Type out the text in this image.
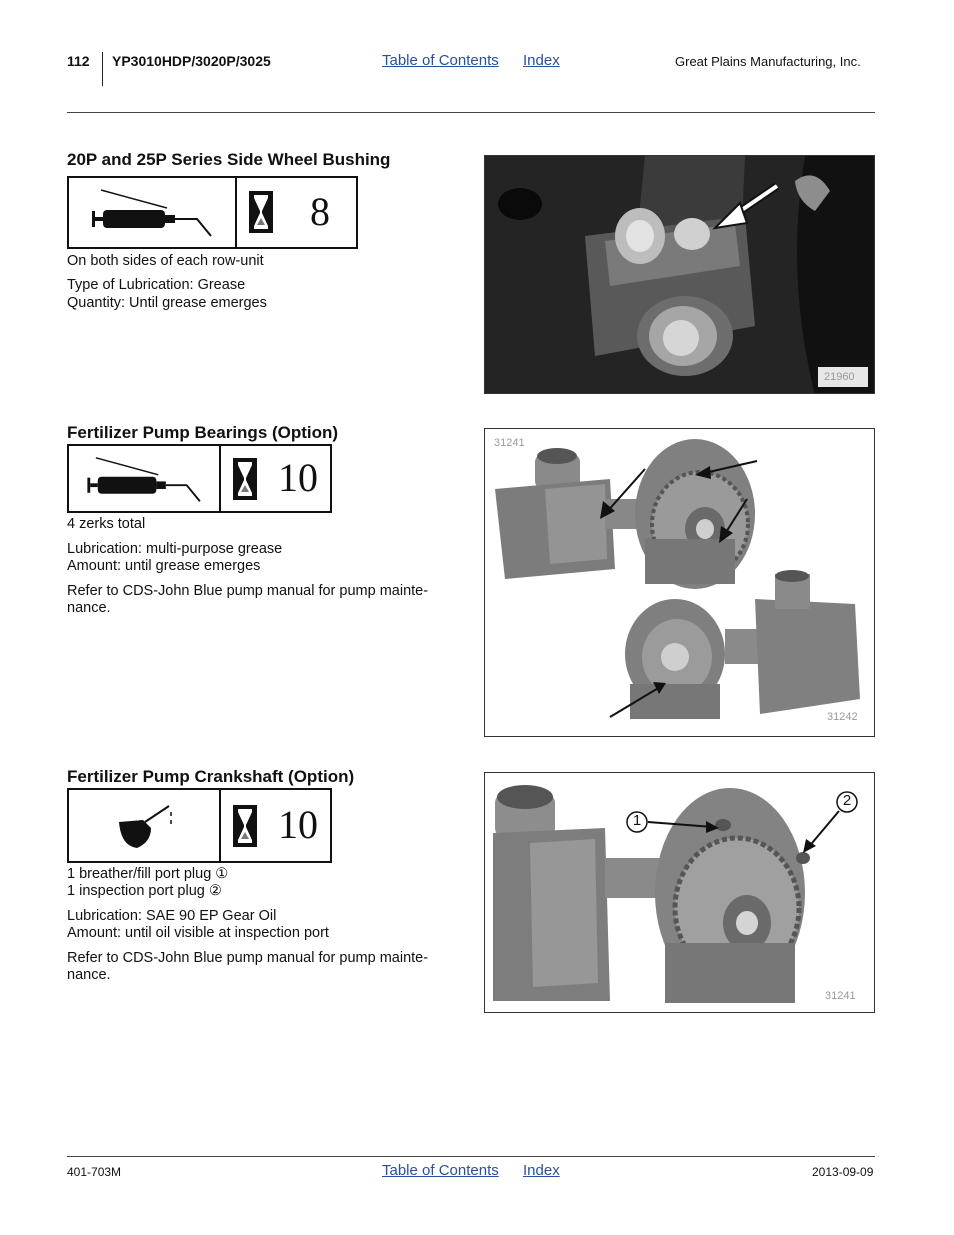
112 YP3010HDP/3020P/3025	Table of Contents Index	Great Plains Manufacturing, Inc.
20P and 25P Series Side Wheel Bushing
8
On both sides of each row-unit
Type of Lubrication: Grease
Quantity: Until grease emerges
21960
Fertilizer Pump Bearings (Option)
10
4 zerks total
Lubrication: multi-purpose grease
Amount: until grease emerges
Refer to CDS-John Blue pump manual for pump mainte-
nance.
31241
31242
Fertilizer Pump Crankshaft (Option)
10
1 breather/fill port plug ①
1 inspection port plug ②
Lubrication: SAE 90 EP Gear Oil
Amount: until oil visible at inspection port
Refer to CDS-John Blue pump manual for pump mainte-
nance.
1
2
31241
401-703M	Table of Contents Index	2013-09-09
